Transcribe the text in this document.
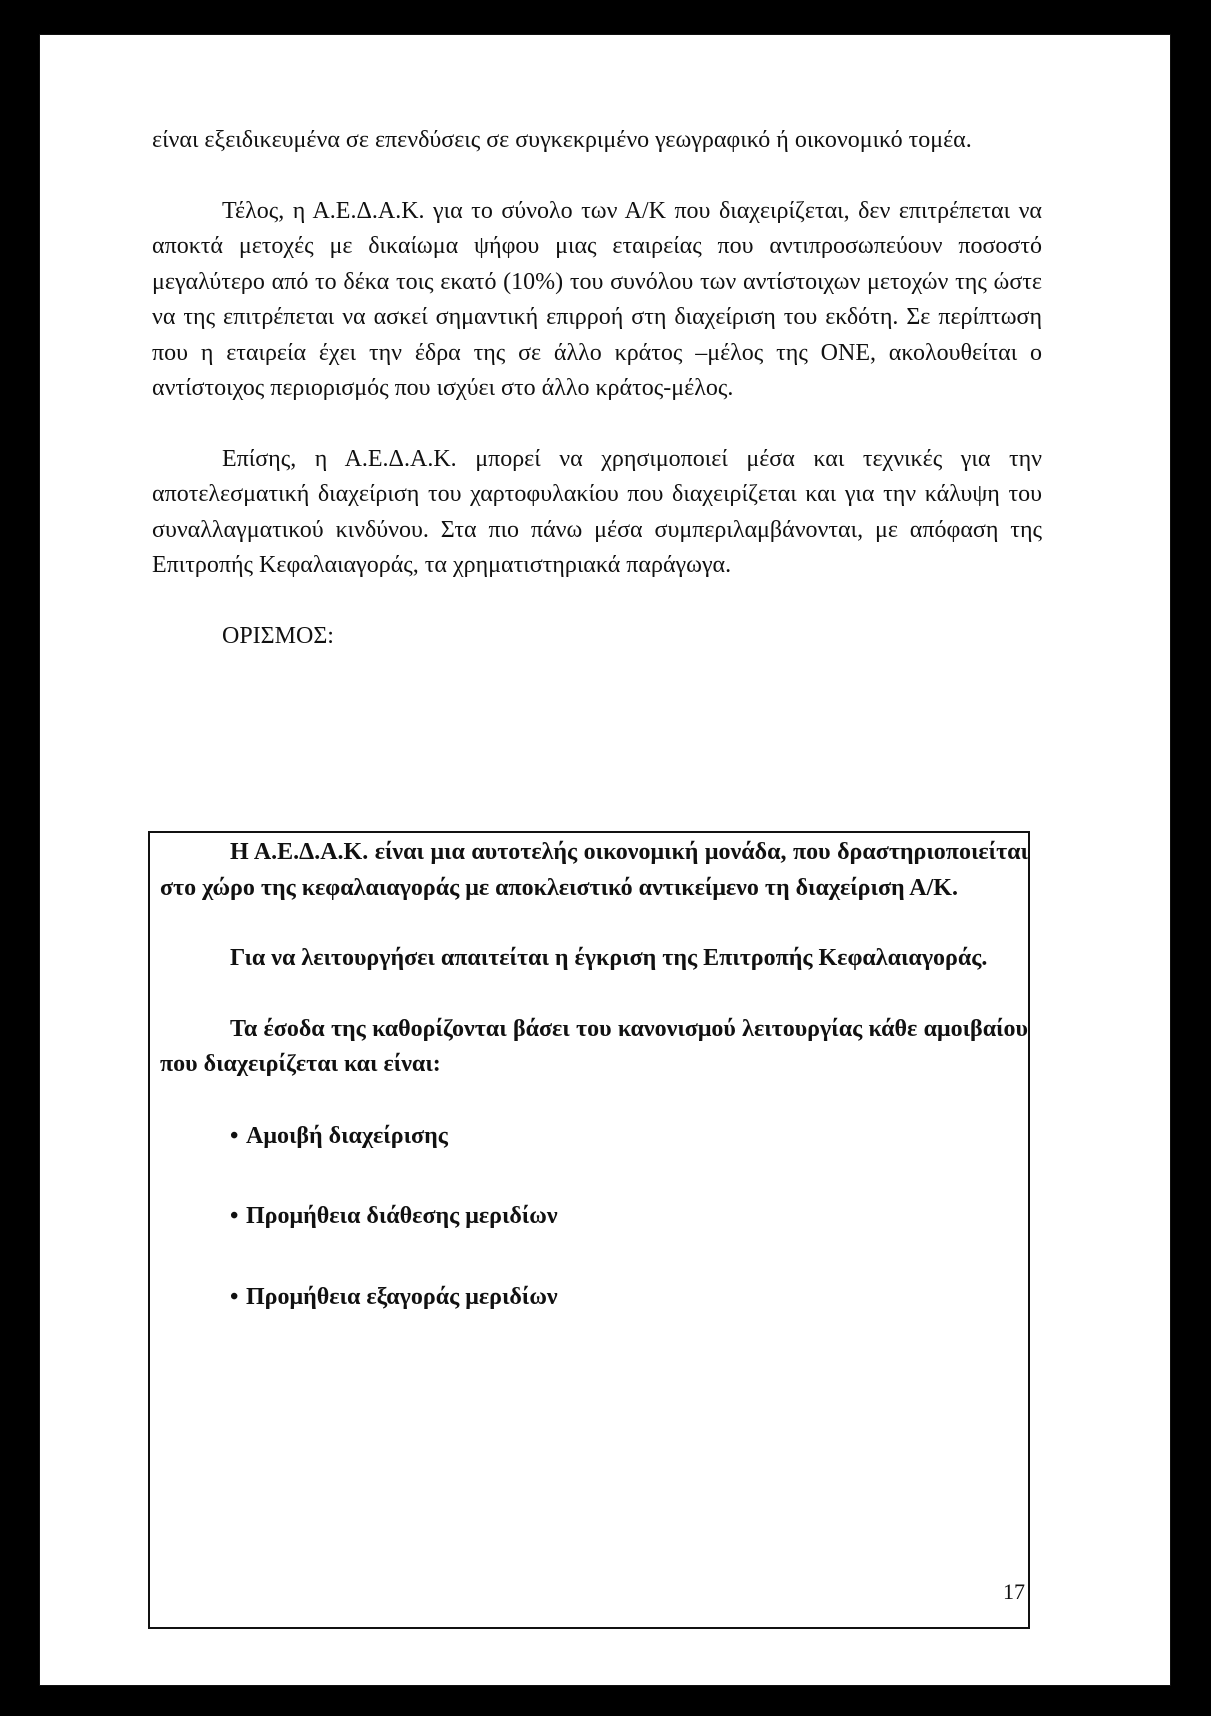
είναι εξειδικευμένα σε επενδύσεις σε συγκεκριμένο γεωγραφικό ή οικονομικό τομέα.

Τέλος, η Α.Ε.Δ.Α.Κ. για το σύνολο των Α/Κ που διαχειρίζεται, δεν επιτρέπεται να αποκτά μετοχές με δικαίωμα ψήφου μιας εταιρείας που αντιπροσωπεύουν ποσοστό μεγαλύτερο από το δέκα τοις εκατό (10%) του συνόλου των αντίστοιχων μετοχών της ώστε να της επιτρέπεται να ασκεί σημαντική επιρροή στη διαχείριση του εκδότη. Σε περίπτωση που η εταιρεία έχει την έδρα της σε άλλο κράτος –μέλος της ΟΝΕ, ακολουθείται ο αντίστοιχος περιορισμός που ισχύει στο άλλο κράτος-μέλος.

Επίσης, η Α.Ε.Δ.Α.Κ. μπορεί να χρησιμοποιεί μέσα και τεχνικές για την αποτελεσματική διαχείριση του χαρτοφυλακίου που διαχειρίζεται και για την κάλυψη του συναλλαγματικού κινδύνου. Στα πιο πάνω μέσα συμπεριλαμβάνονται, με απόφαση της Επιτροπής Κεφαλαιαγοράς, τα χρηματιστηριακά παράγωγα.

ΟΡΙΣΜΟΣ:

Η Α.Ε.Δ.Α.Κ. είναι μια αυτοτελής οικονομική μονάδα, που δραστηριοποιείται στο χώρο της κεφαλαιαγοράς με αποκλειστικό αντικείμενο τη διαχείριση Α/Κ.

Για να λειτουργήσει απαιτείται η έγκριση της Επιτροπής Κεφαλαιαγοράς.

Τα έσοδα της καθορίζονται βάσει του κανονισμού λειτουργίας κάθε αμοιβαίου που διαχειρίζεται και είναι:

• Αμοιβή διαχείρισης
• Προμήθεια διάθεσης μεριδίων
• Προμήθεια εξαγοράς μεριδίων
17
